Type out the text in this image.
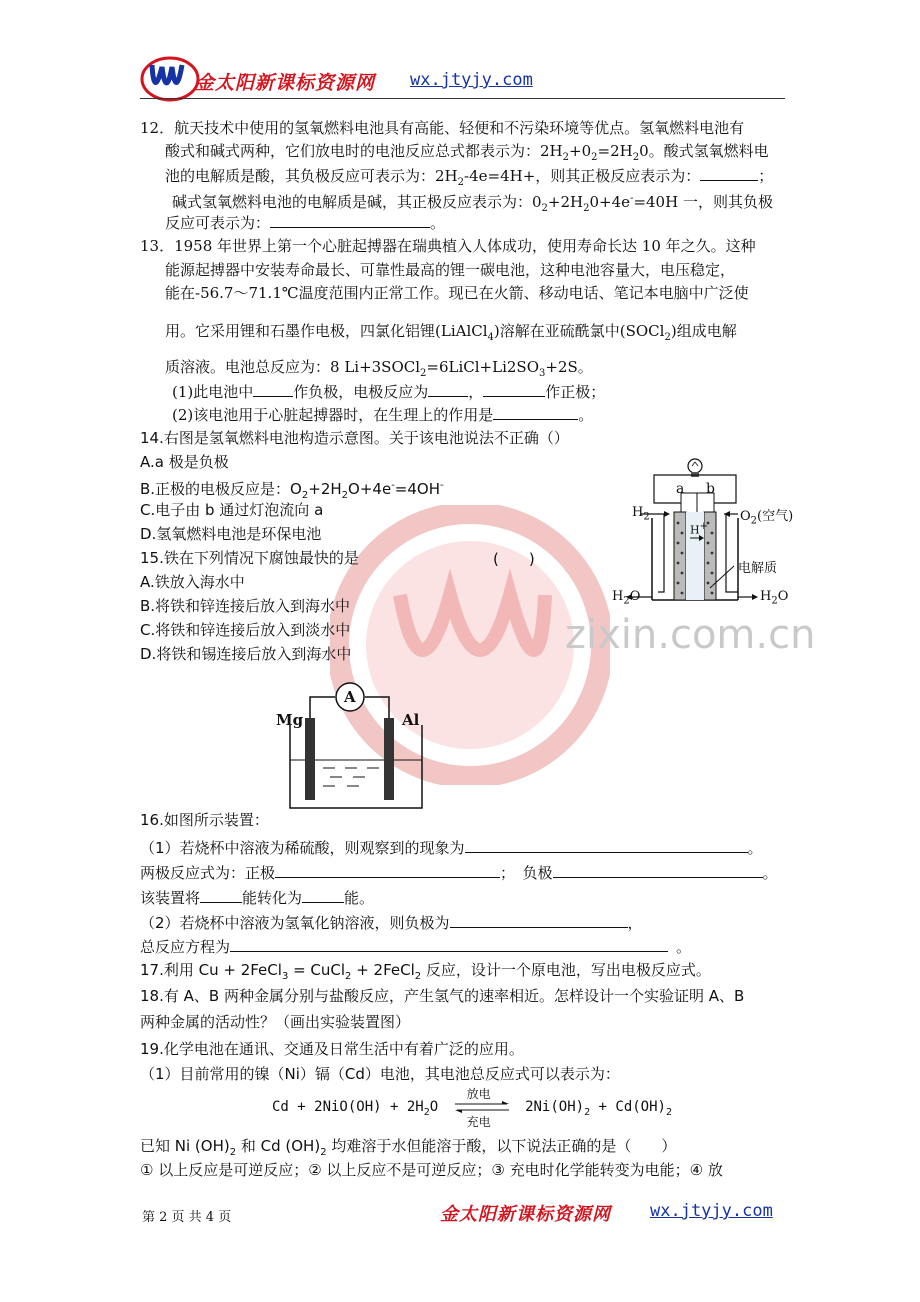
zixin.com.cn
金太阳新课标资源网 wx.jtyjy.com
12．航天技术中使用的氢氧燃料电池具有高能、轻便和不污染环境等优点。氢氧燃料电池有
酸式和碱式两种，它们放电时的电池反应总式都表示为：$2H_2+0_2=2H_20$。酸式氢氧燃料电
池的电解质是酸，其负极反应可表示为：$2H_2-4e=4H+$，则其正极反应表示为：	；
碱式氢氧燃料电池的电解质是碱，其正极反应表示为：$0_2+2H_20+4e^-=40H$ 一，则其负极
反应可表示为：	。
13．1958 年世界上第一个心脏起搏器在瑞典植入人体成功，使用寿命长达 10 年之久。这种
能源起搏器中安装寿命最长、可靠性最高的锂一碳电池，这种电池容量大，电压稳定，
能在-56.7～71.1℃温度范围内正常工作。现已在火箭、移动电话、笔记本电脑中广泛使
用。它采用锂和石墨作电极，四氯化铝锂(LiAlCl$_4$)溶解在亚硫酰氯中(SOCl$_2$)组成电解
质溶液。电池总反应为：8 $Li+3SOCl_2=6LiCl+Li2SO_3+2S$。
(1)此电池中	作负极，电极反应为	，	作正极；
(2)该电池用于心脏起搏器时，在生理上的作用是	。
14.右图是氢氧燃料电池构造示意图。关于该电池说法不正确（）
A.a 极是负极
B.正极的电极反应是：$O_2+2H_2O+4e^-=4OH^-$
C.电子由 b 通过灯泡流向 a
D.氢氧燃料电池是环保电池
a b
$H_2$	$O_2$(空气)
H+
电解质
$H_2O$	$H_2O$
15.铁在下列情况下腐蚀最快的是	(　　)
A.铁放入海水中
B.将铁和锌连接后放入到海水中
C.将铁和锌连接后放入到淡水中
D.将铁和锡连接后放入到海水中
A
Mg	Al
16.如图所示装置：
（1）若烧杯中溶液为稀硫酸，则观察到的现象为	。
两极反应式为：正极	；　负极	。
该装置将	能转化为	能。
（2）若烧杯中溶液为氢氧化钠溶液，则负极为	，
总反应方程为	。
17.利用 Cu + 2FeCl$_3$ = CuCl$_2$ + 2FeCl$_2$ 反应，设计一个原电池，写出电极反应式。
18.有 A、B 两种金属分别与盐酸反应，产生氢气的速率相近。怎样设计一个实验证明 A、B
两种金属的活动性？（画出实验装置图）
19.化学电池在通讯、交通及日常生活中有着广泛的应用。
（1）目前常用的镍（Ni）镉（Cd）电池，其电池总反应式可以表示为：
$Cd + 2NiO(OH) + 2H_2O$
放电
充电
$2Ni(OH)_2 + Cd(OH)_2$
已知 Ni $(OH)_2$ 和 Cd $(OH)_2$ 均难溶于水但能溶于酸，以下说法正确的是（　　）
① 以上反应是可逆反应；② 以上反应不是可逆反应；③ 充电时化学能转变为电能；④ 放
第 2 页 共 4 页	金太阳新课标资源网 wx.jtyjy.com
